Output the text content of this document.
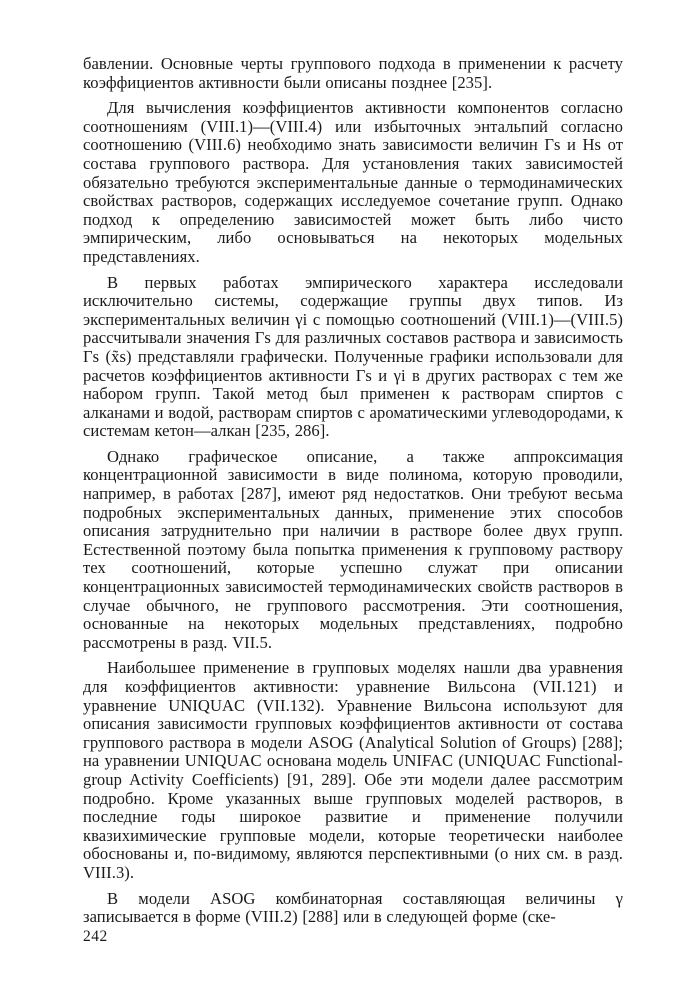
бавлении. Основные черты группового подхода в применении к расчету коэффициентов активности были описаны позднее [235].

Для вычисления коэффициентов активности компонентов согласно соотношениям (VIII.1)—(VIII.4) или избыточных энтальпий согласно соотношению (VIII.6) необходимо знать зависимости величин Γs и Hs от состава группового раствора. Для установления таких зависимостей обязательно требуются экспериментальные данные о термодинамических свойствах растворов, содержащих исследуемое сочетание групп. Однако подход к определению зависимостей может быть либо чисто эмпирическим, либо основываться на некоторых модельных представлениях.

В первых работах эмпирического характера исследовали исключительно системы, содержащие группы двух типов. Из экспериментальных величин γi с помощью соотношений (VIII.1)—(VIII.5) рассчитывали значения Γs для различных составов раствора и зависимость Γs (x̃s) представляли графически. Полученные графики использовали для расчетов коэффициентов активности Γs и γi в других растворах с тем же набором групп. Такой метод был применен к растворам спиртов с алканами и водой, растворам спиртов с ароматическими углеводородами, к системам кетон—алкан [235, 286].

Однако графическое описание, а также аппроксимация концентрационной зависимости в виде полинома, которую проводили, например, в работах [287], имеют ряд недостатков. Они требуют весьма подробных экспериментальных данных, применение этих способов описания затруднительно при наличии в растворе более двух групп. Естественной поэтому была попытка применения к групповому раствору тех соотношений, которые успешно служат при описании концентрационных зависимостей термодинамических свойств растворов в случае обычного, не группового рассмотрения. Эти соотношения, основанные на некоторых модельных представлениях, подробно рассмотрены в разд. VII.5.

Наибольшее применение в групповых моделях нашли два уравнения для коэффициентов активности: уравнение Вильсона (VII.121) и уравнение UNIQUAC (VII.132). Уравнение Вильсона используют для описания зависимости групповых коэффициентов активности от состава группового раствора в модели ASOG (Analytical Solution of Groups) [288]; на уравнении UNIQUAC основана модель UNIFAC (UNIQUAC Functional-group Activity Coefficients) [91, 289]. Обе эти модели далее рассмотрим подробно. Кроме указанных выше групповых моделей растворов, в последние годы широкое развитие и применение получили квазихимические групповые модели, которые теоретически наиболее обоснованы и, по-видимому, являются перспективными (о них см. в разд. VIII.3).

В модели ASOG комбинаторная составляющая величины γ записывается в форме (VIII.2) [288] или в следующей форме (ске-

242
